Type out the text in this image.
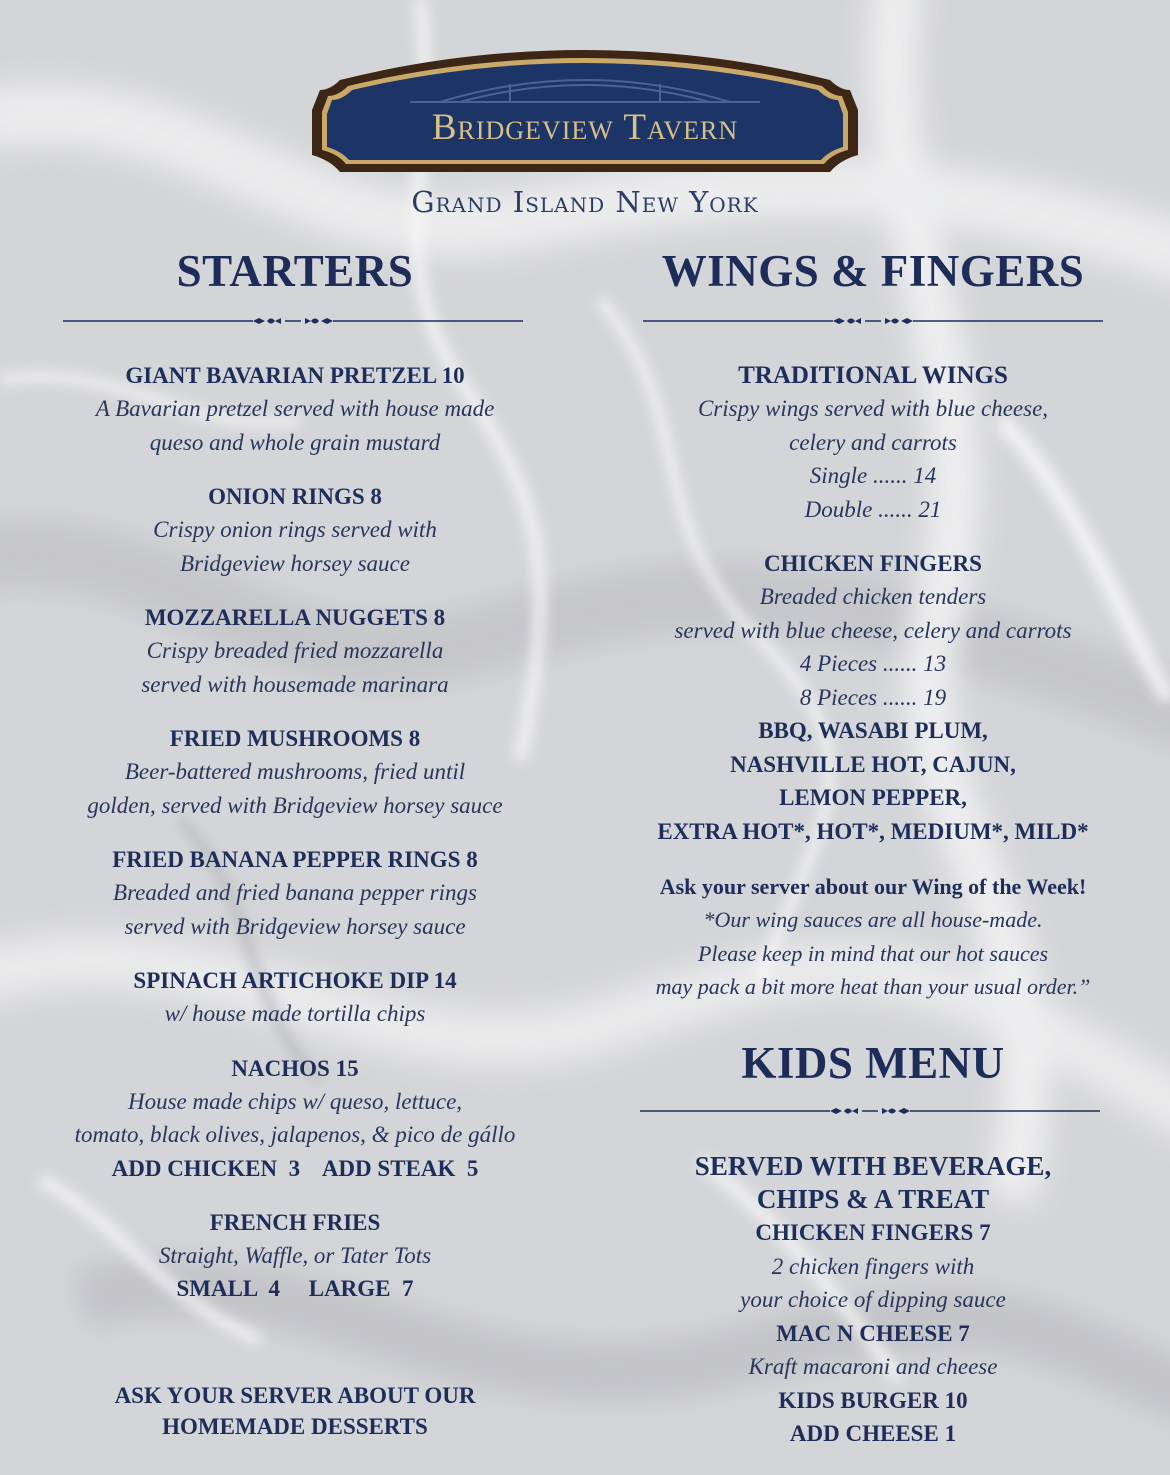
Bridgeview Tavern
Grand Island New York
STARTERS
GIANT BAVARIAN PRETZEL 10
A Bavarian pretzel served with house made
queso and whole grain mustard
ONION RINGS 8
Crispy onion rings served with
Bridgeview horsey sauce
MOZZARELLA NUGGETS 8
Crispy breaded fried mozzarella
served with housemade marinara
FRIED MUSHROOMS 8
Beer-battered mushrooms, fried until
golden, served with Bridgeview horsey sauce
FRIED BANANA PEPPER RINGS 8
Breaded and fried banana pepper rings
served with Bridgeview horsey sauce
SPINACH ARTICHOKE DIP 14
w/ house made tortilla chips
NACHOS 15
House made chips w/ queso, lettuce,
tomato, black olives, jalapenos, & pico de gállo
ADD CHICKEN  3    ADD STEAK  5
FRENCH FRIES
Straight, Waffle, or Tater Tots
SMALL  4     LARGE  7
ASK YOUR SERVER ABOUT OUR
HOMEMADE DESSERTS
WINGS & FINGERS
TRADITIONAL WINGS
Crispy wings served with blue cheese,
celery and carrots
Single ...... 14
Double ...... 21
CHICKEN FINGERS
Breaded chicken tenders
served with blue cheese, celery and carrots
4 Pieces ...... 13
8 Pieces ...... 19
BBQ, WASABI PLUM,
NASHVILLE HOT, CAJUN,
LEMON PEPPER,
EXTRA HOT*, HOT*, MEDIUM*, MILD*
Ask your server about our Wing of the Week!
*Our wing sauces are all house-made.
Please keep in mind that our hot sauces
may pack a bit more heat than your usual order.”
KIDS MENU
SERVED WITH BEVERAGE,
CHIPS & A TREAT
CHICKEN FINGERS 7
2 chicken fingers with
your choice of dipping sauce
MAC N CHEESE 7
Kraft macaroni and cheese
KIDS BURGER 10
ADD CHEESE 1
